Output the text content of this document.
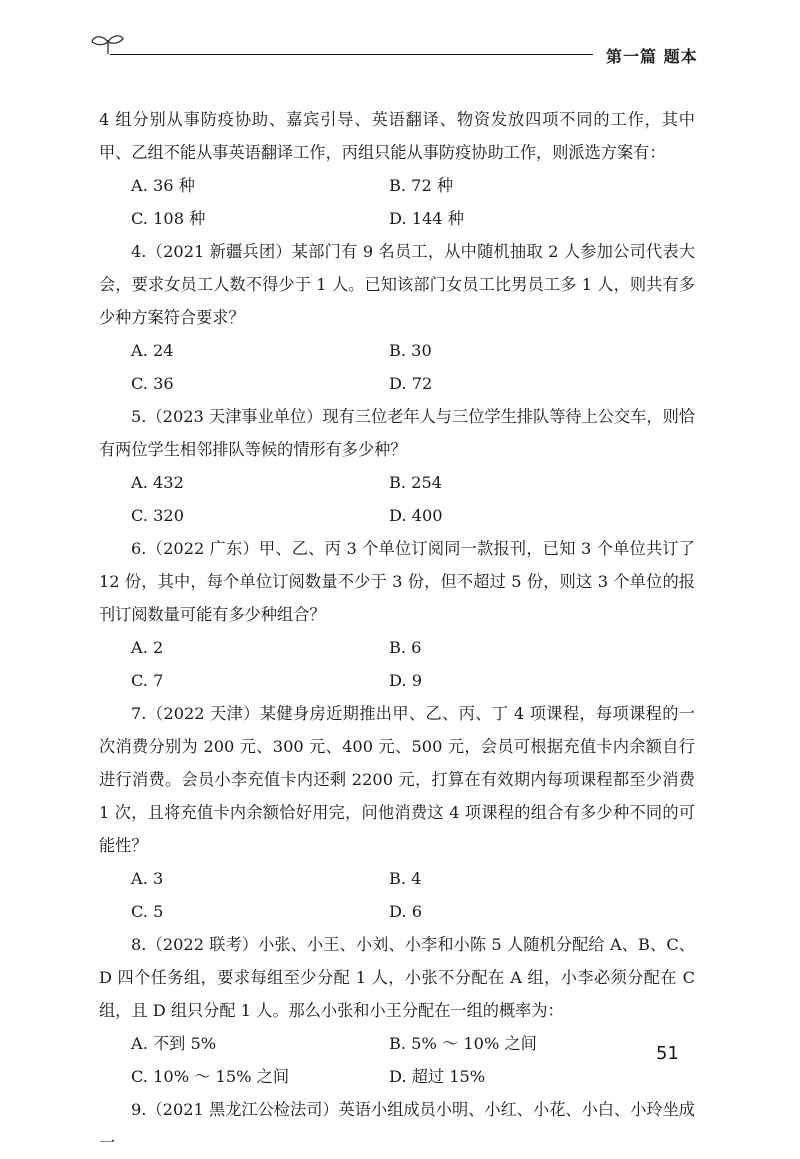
第一篇 题本

4 组分别从事防疫协助、嘉宾引导、英语翻译、物资发放四项不同的工作，其中甲、乙组不能从事英语翻译工作，丙组只能从事防疫协助工作，则派选方案有：

A. 36 种	B. 72 种
C. 108 种	D. 144 种

4.（2021 新疆兵团）某部门有 9 名员工，从中随机抽取 2 人参加公司代表大会，要求女员工人数不得少于 1 人。已知该部门女员工比男员工多 1 人，则共有多少种方案符合要求？

A. 24	B. 30
C. 36	D. 72

5.（2023 天津事业单位）现有三位老年人与三位学生排队等待上公交车，则恰有两位学生相邻排队等候的情形有多少种？

A. 432	B. 254
C. 320	D. 400

6.（2022 广东）甲、乙、丙 3 个单位订阅同一款报刊，已知 3 个单位共订了 12 份，其中，每个单位订阅数量不少于 3 份，但不超过 5 份，则这 3 个单位的报刊订阅数量可能有多少种组合？

A. 2	B. 6
C. 7	D. 9

7.（2022 天津）某健身房近期推出甲、乙、丙、丁 4 项课程，每项课程的一次消费分别为 200 元、300 元、400 元、500 元，会员可根据充值卡内余额自行进行消费。会员小李充值卡内还剩 2200 元，打算在有效期内每项课程都至少消费 1 次，且将充值卡内余额恰好用完，问他消费这 4 项课程的组合有多少种不同的可能性？

A. 3	B. 4
C. 5	D. 6

8.（2022 联考）小张、小王、小刘、小李和小陈 5 人随机分配给 A、B、C、D 四个任务组，要求每组至少分配 1 人，小张不分配在 A 组，小李必须分配在 C 组，且 D 组只分配 1 人。那么小张和小王分配在一组的概率为：

A. 不到 5%	B. 5% ～ 10% 之间
C. 10% ～ 15% 之间	D. 超过 15%

9.（2021 黑龙江公检法司）英语小组成员小明、小红、小花、小白、小玲坐成一

51
